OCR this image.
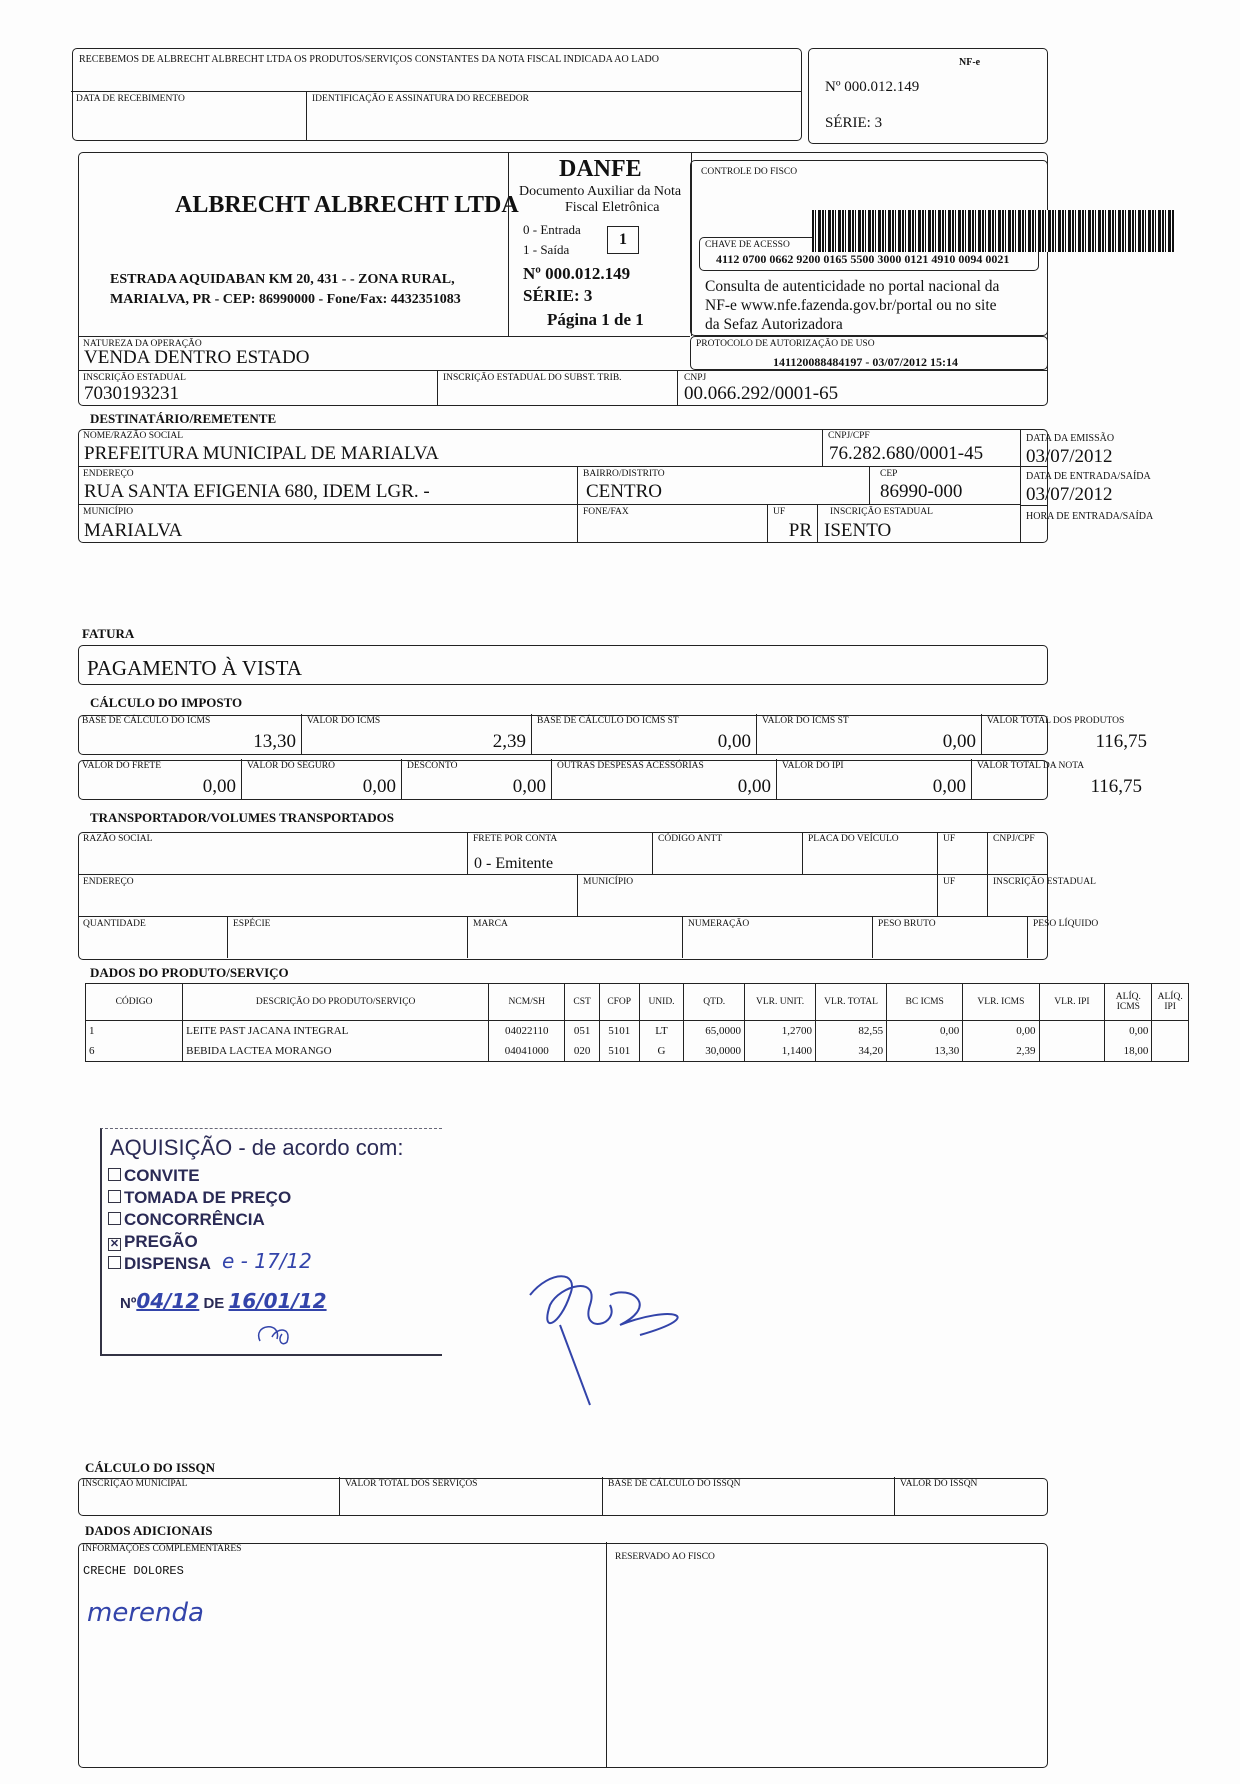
RECEBEMOS DE ALBRECHT ALBRECHT LTDA OS PRODUTOS/SERVIÇOS CONSTANTES DA NOTA FISCAL INDICADA AO LADO
DATA DE RECEBIMENTO	IDENTIFICAÇÃO E ASSINATURA DO RECEBEDOR
NF-e
Nº 000.012.149
SÉRIE: 3
ALBRECHT ALBRECHT LTDA
ESTRADA AQUIDABAN KM 20, 431 - - ZONA RURAL,
MARIALVA, PR - CEP: 86990000 - Fone/Fax: 4432351083
DANFE
Documento Auxiliar da Nota
Fiscal Eletrônica
0 - Entrada
1 - Saída
1
Nº 000.012.149
SÉRIE: 3
Página 1 de 1
CONTROLE DO FISCO
CHAVE DE ACESSO
4112 0700 0662 9200 0165 5500 3000 0121 4910 0094 0021
Consulta de autenticidade no portal nacional da
NF-e www.nfe.fazenda.gov.br/portal ou no site
da Sefaz Autorizadora
NATUREZA DA OPERAÇÃO
VENDA DENTRO ESTADO
PROTOCOLO DE AUTORIZAÇÃO DE USO
141120088484197 - 03/07/2012 15:14
INSCRIÇÃO ESTADUAL
7030193231
INSCRIÇÃO ESTADUAL DO SUBST. TRIB.	CNPJ
00.066.292/0001-65
DESTINATÁRIO/REMETENTE
NOME/RAZÃO SOCIAL
PREFEITURA MUNICIPAL DE MARIALVA
CNPJ/CPF
76.282.680/0001-45
DATA DA EMISSÃO
03/07/2012
ENDEREÇO
RUA SANTA EFIGENIA 680, IDEM LGR. -
BAIRRO/DISTRITO
CENTRO
CEP
86990-000
DATA DE ENTRADA/SAÍDA
03/07/2012
MUNICÍPIO
MARIALVA
FONE/FAX	UF
PR
INSCRIÇÃO ESTADUAL
ISENTO
HORA DE ENTRADA/SAÍDA
FATURA
PAGAMENTO À VISTA
CÁLCULO DO IMPOSTO
BASE DE CÁLCULO DO ICMS
13,30
VALOR DO ICMS
2,39
BASE DE CÁLCULO DO ICMS ST
0,00
VALOR DO ICMS ST
0,00
VALOR TOTAL DOS PRODUTOS
116,75
VALOR DO FRETE
0,00
VALOR DO SEGURO
0,00
DESCONTO
0,00
OUTRAS DESPESAS ACESSÓRIAS
0,00
VALOR DO IPI
0,00
VALOR TOTAL DA NOTA
116,75
TRANSPORTADOR/VOLUMES TRANSPORTADOS
RAZÃO SOCIAL	FRETE POR CONTA
0 - Emitente
CÓDIGO ANTT	PLACA DO VEÍCULO	UF	CNPJ/CPF
ENDEREÇO	MUNICÍPIO	UF	INSCRIÇÃO ESTADUAL
QUANTIDADE	ESPÉCIE	MARCA	NUMERAÇÃO	PESO BRUTO	PESO LÍQUIDO
DADOS DO PRODUTO/SERVIÇO
CÓDIGO	DESCRIÇÃO DO PRODUTO/SERVIÇO	NCM/SH	CST	CFOP	UNID.	QTD.	VLR. UNIT.	VLR. TOTAL	BC ICMS	VLR. ICMS	VLR. IPI	ALÍQ. ICMS	ALÍQ. IPI
1	LEITE PAST JACANA INTEGRAL	04022110	051	5101	LT	65,0000	1,2700	82,55	0,00	0,00		0,00	
6	BEBIDA LACTEA MORANGO	04041000	020	5101	G	30,0000	1,1400	34,20	13,30	2,39		18,00	
AQUISIÇÃO - de acordo com:
CONVITE
TOMADA DE PREÇO
CONCORRÊNCIA
✕ PREGÃO
DISPENSA e - 17/12
Nº04/12 DE 16/01/12
CÁLCULO DO ISSQN
INSCRIÇÃO MUNICIPAL	VALOR TOTAL DOS SERVIÇOS	BASE DE CÁLCULO DO ISSQN	VALOR DO ISSQN
DADOS ADICIONAIS
INFORMAÇÕES COMPLEMENTARES
CRECHE DOLORES
merenda
RESERVADO AO FISCO
